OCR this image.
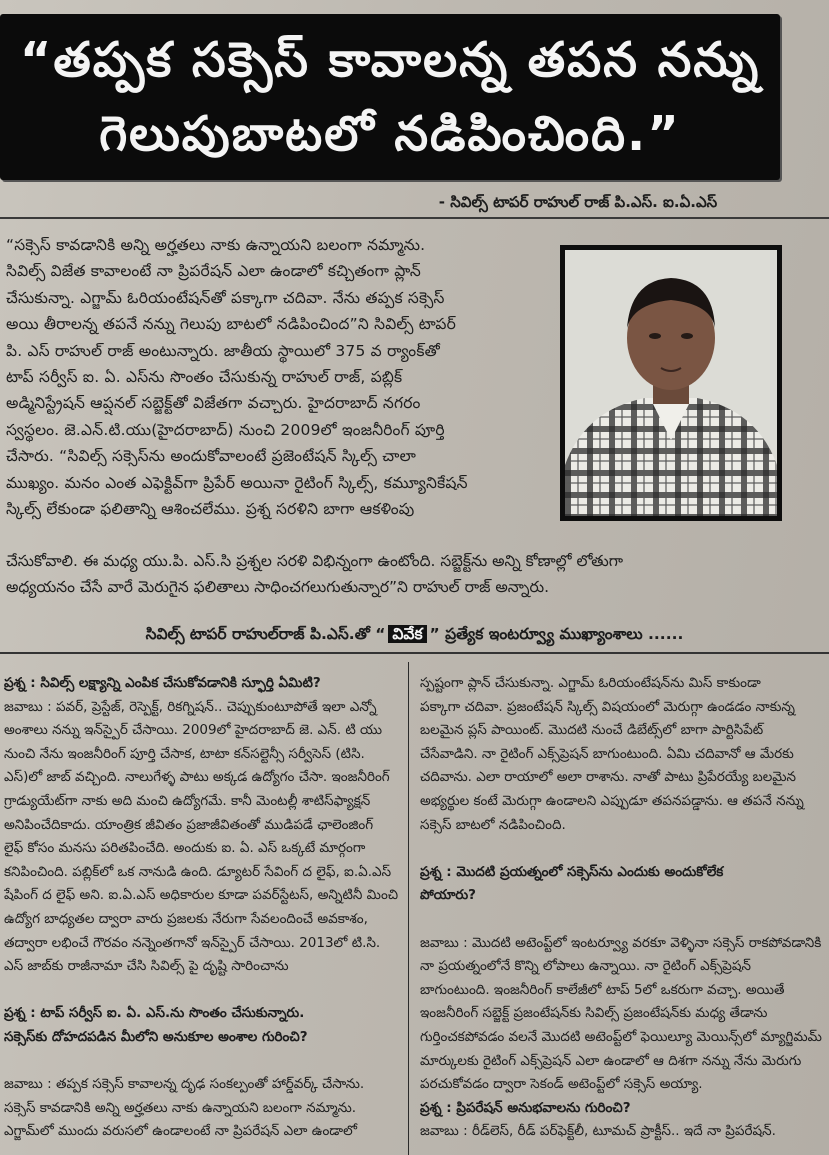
“తప్పక సక్సెస్ కావాలన్న తపన నన్ను
గెలుపుబాటలో నడిపించింది.”
- సివిల్స్ టాపర్ రాహుల్ రాజ్ పి.ఎస్. ఐ.ఏ.ఎస్
“సక్సెస్ కావడానికి అన్ని అర్హతలు నాకు ఉన్నాయని బలంగా నమ్మాను.
సివిల్స్ విజేత కావాలంటే నా ప్రిపరేషన్ ఎలా ఉండాలో కచ్చితంగా ప్లాన్
చేసుకున్నా. ఎగ్జామ్ ఓరియంటేషన్‌తో పక్కాగా చదివా. నేను తప్పక సక్సెస్
అయి తీరాలన్న తపనే నన్ను గెలుపు బాటలో నడిపించింద”ని సివిల్స్ టాపర్
పి. ఎస్ రాహుల్ రాజ్ అంటున్నారు. జాతీయ స్థాయిలో 375 వ ర్యాంక్‌తో
టాప్ సర్వీస్ ఐ. ఏ. ఎస్‌ను సొంతం చేసుకున్న రాహుల్ రాజ్, పబ్లిక్
అడ్మినిస్ట్రేషన్ ఆప్షనల్ సబ్జెక్ట్‌తో విజేతగా వచ్చారు. హైదరాబాద్ నగరం
స్వస్థలం. జె.ఎన్.టి.యు(హైదరాబాద్) నుంచి 2009లో ఇంజనీరింగ్ పూర్తి
చేసారు. “సివిల్స్ సక్సెస్‌ను అందుకోవాలంటే ప్రజెంటేషన్ స్కిల్స్ చాలా
ముఖ్యం. మనం ఎంత ఎఫెక్టివ్‌గా ప్రిపేర్ అయినా రైటింగ్ స్కిల్స్, కమ్యూనికేషన్
స్కిల్స్ లేకుండా ఫలితాన్ని ఆశించలేము. ప్రశ్న సరళిని బాగా ఆకళింపు
చేసుకోవాలి. ఈ మధ్య యు.పి. ఎస్.సి ప్రశ్నల సరళి విభిన్నంగా ఉంటోంది. సబ్జెక్ట్‌ను అన్ని కోణాల్లో లోతుగా
అధ్యయనం చేసే వారే మెరుగైన ఫలితాలు సాధించగలుగుతున్నార”ని రాహుల్ రాజ్ అన్నారు.
సివిల్స్ టాపర్ రాహుల్‌రాజ్ పి.ఎస్.తో “ వివేక ” ప్రత్యేక ఇంటర్వ్యూ ముఖ్యాంశాలు ......
ప్రశ్న : సివిల్స్ లక్ష్యాన్ని ఎంపిక చేసుకోవడానికి స్ఫూర్తి ఏమిటి?
జవాబు : పవర్, ప్రెస్టేజ్, రెస్పెక్ట్, రికగ్నిషన్.. చెప్పుకుంటూపోతే ఇలా ఎన్నో
అంశాలు నన్ను ఇన్‌స్పైర్ చేసాయి. 2009లో హైదరాబాద్ జె. ఎన్. టి యు
నుంచి నేను ఇంజనీరింగ్ పూర్తి చేసాక, టాటా కన్‌సల్టెన్సీ సర్వీసెస్ (టిసి.
ఎస్)లో జాబ్ వచ్చింది. నాలుగేళ్ళ పాటు అక్కడ ఉద్యోగం చేసా. ఇంజనీరింగ్
గ్రాడ్యుయేట్‌గా నాకు అది మంచి ఉద్యోగమే. కానీ మెంటల్లీ శాటిస్‌ఫ్యాక్షన్
అనిపించేదికాదు. యాంత్రిక జీవితం ప్రజాజీవితంతో ముడిపడే ఛాలెంజింగ్
లైఫ్ కోసం మనసు పరితపించేది. అందుకు ఐ. ఏ. ఎస్ ఒక్కటే మార్గంగా
కనిపించింది. పబ్లిక్‌లో ఒక నానుడి ఉంది. డ్యూటర్ సేవింగ్ ద లైఫ్, ఐ.ఏ.ఎస్
షేపింగ్ ద లైఫ్ అని. ఐ.ఏ.ఎస్ అధికారుల కూడా పవర్‌స్టేటస్, అన్నిటినీ మించి
ఉద్యోగ బాధ్యతల ద్వారా వారు ప్రజలకు నేరుగా సేవలందించే అవకాశం,
తద్వారా లభించే గౌరవం నన్నెంతగానో ఇన్‌స్పైర్ చేసాయి. 2013లో టి.సి.
ఎస్ జాబ్‌కు రాజీనామా చేసి సివిల్స్ పై దృష్టి సారించాను
ప్రశ్న : టాప్ సర్వీస్ ఐ. ఏ. ఎస్.ను సొంతం చేసుకున్నారు.
సక్సెస్‌కు దోహదపడిన మీలోని అనుకూల అంశాల గురించి?
జవాబు : తప్పక సక్సెస్ కావాలన్న దృఢ సంకల్పంతో హార్డ్‌వర్క్ చేసాను.
సక్సెస్ కావడానికి అన్ని అర్హతలు నాకు ఉన్నాయని బలంగా నమ్మాను.
ఎగ్జామ్‌లో ముందు వరుసలో ఉండాలంటే నా ప్రిపరేషన్ ఎలా ఉండాలో
స్పష్టంగా ప్లాన్ చేసుకున్నా. ఎగ్జామ్ ఓరియంటేషన్‌ను మిస్ కాకుండా
పక్కాగా చదివా. ప్రజంటేషన్ స్కిల్స్ విషయంలో మెరుగ్గా ఉండడం నాకున్న
బలమైన ప్లస్ పాయింట్. మొదటి నుంచే డిబేట్స్‌లో బాగా పార్టిసిపేట్
చేసేవాడిని. నా రైటింగ్ ఎక్స్‌ప్రెషన్ బాగుంటుంది. ఏమి చదివానో ఆ మేరకు
చదివాను. ఎలా రాయాలో అలా రాశాను. నాతో పాటు ప్రిపేరయ్యే బలమైన
అభ్యర్థుల కంటే మెరుగ్గా ఉండాలని ఎప్పుడూ తపనపడ్డాను. ఆ తపనే నన్ను
సక్సెస్ బాటలో నడిపించింది.
ప్రశ్న : మొదటి ప్రయత్నంలో సక్సెస్‌ను ఎందుకు అందుకోలేక
పోయారు?
జవాబు : మొదటి అటెంప్ట్‌లో ఇంటర్వ్యూ వరకూ వెళ్ళినా సక్సెస్ రాకపోవడానికి
నా ప్రయత్నంలోనే కొన్ని లోపాలు ఉన్నాయి. నా రైటింగ్ ఎక్స్‌ప్రెషన్
బాగుంటుంది. ఇంజనీరింగ్ కాలేజీలో టాప్ 5లో ఒకరుగా వచ్చా. అయితే
ఇంజనీరింగ్ సబ్జెక్ట్ ప్రజంటేషన్‌కు సివిల్స్ ప్రజంటేషన్‌కు మధ్య తేడాను
గుర్తించకపోవడం వలనే మొదటి అటెంప్ట్‌లో ఫెయిల్యూ మెయిన్స్‌లో మ్యాగ్జిమమ్
మార్కులకు రైటింగ్ ఎక్స్‌ప్రెషన్ ఎలా ఉండాలో ఆ దిశగా నన్ను నేను మెరుగు
పరచుకోవడం ద్వారా సెకండ్ అటెంప్ట్‌లో సక్సెస్ అయ్యా.
ప్రశ్న : ప్రిపరేషన్ అనుభవాలను గురించి?
జవాబు : రీడ్‌లెస్, రీడ్ పర్‌ఫెక్ట్‌లీ, టూమచ్ ప్రాక్టీస్.. ఇదే నా ప్రిపరేషన్.
